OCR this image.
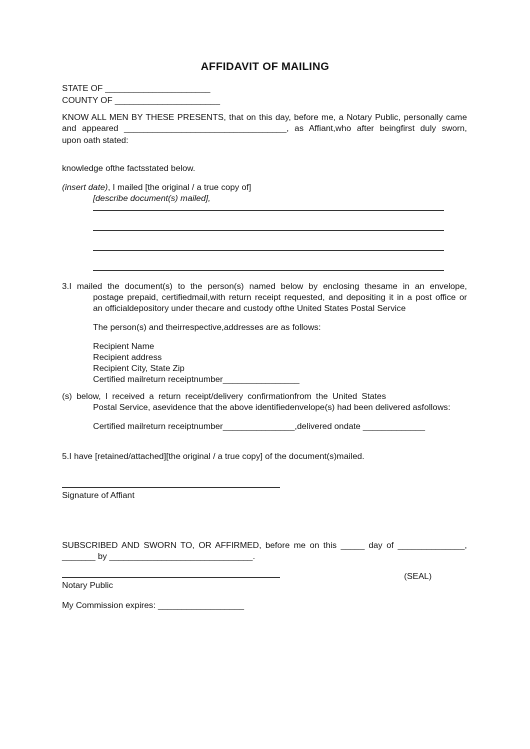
AFFIDAVIT OF MAILING
STATE OF ______________________
COUNTY OF ______________________
KNOW ALL MEN BY THESE PRESENTS, that on this day, before me, a Notary Public, personally came
and appeared __________________________________, as Affiant,who after beingfirst duly sworn,
upon oath stated:
knowledge ofthe factsstated below.
(insert date), I mailed [the original / a true copy of]
[describe document(s) mailed],
3.I mailed the document(s) to the person(s) named below by enclosing thesame in an envelope,
postage prepaid, certifiedmail,with return receipt requested, and depositing it in a post office or
an officialdepository under thecare and custody ofthe United States Postal Service
The person(s) and theirrespective,addresses are as follows:
Recipient Name
Recipient address
Recipient City, State Zip
Certified mailreturn receiptnumber________________
(s) below, I received a return receipt/delivery confirmationfrom the United States
Postal Service, asevidence that the above identifiedenvelope(s) had been delivered asfollows:
Certified mailreturn receiptnumber_______________,delivered ondate _____________
5.I have [retained/attached][the original / a true copy] of the document(s)mailed.
Signature of Affiant
SUBSCRIBED AND SWORN TO, OR AFFIRMED, before me on this _____ day of ______________,
_______ by ______________________________.
(SEAL)
Notary Public
My Commission expires: __________________
